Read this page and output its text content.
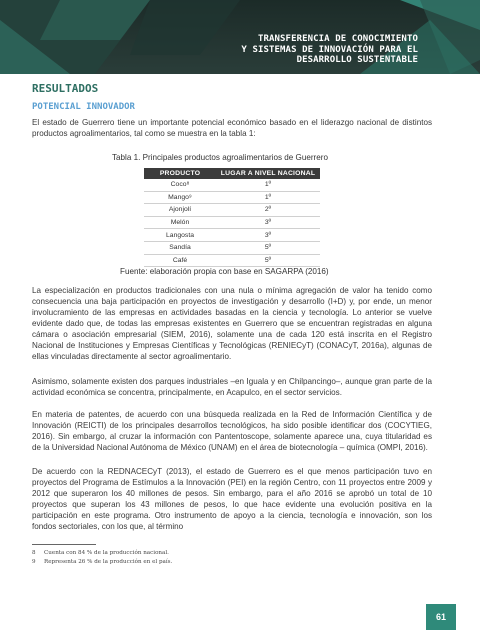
TRANSFERENCIA DE CONOCIMIENTO
Y SISTEMAS DE INNOVACIÓN PARA EL
DESARROLLO SUSTENTABLE
RESULTADOS
POTENCIAL INNOVADOR

El estado de Guerrero tiene un importante potencial económico basado en el liderazgo nacional de distintos productos agroalimentarios, tal como se muestra en la tabla 1:

Tabla 1. Principales productos agroalimentarios de Guerrero

PRODUCTO	LUGAR A NIVEL NACIONAL
Coco⁸	1º
Mango⁹	1º
Ajonjolí	2º
Melón	3º
Langosta	3º
Sandía	5º
Café	5º

Fuente: elaboración propia con base en SAGARPA (2016)

La especialización en productos tradicionales con una nula o mínima agregación de valor ha tenido como consecuencia una baja participación en proyectos de investigación y desarrollo (I+D) y, por ende, un menor involucramiento de las empresas en actividades basadas en la ciencia y tecnología. Lo anterior se vuelve evidente dado que, de todas las empresas existentes en Guerrero que se encuentran registradas en alguna cámara o asociación empresarial (SIEM, 2016), solamente una de cada 120 está inscrita en el Registro Nacional de Instituciones y Empresas Científicas y Tecnológicas (RENIECyT) (CONACyT, 2016a), algunas de ellas vinculadas directamente al sector agroalimentario.

Asimismo, solamente existen dos parques industriales –en Iguala y en Chilpancingo–, aunque gran parte de la actividad económica se concentra, principalmente, en Acapulco, en el sector servicios.

En materia de patentes, de acuerdo con una búsqueda realizada en la Red de Información Científica y de Innovación (REICTI) de los principales desarrollos tecnológicos, ha sido posible identificar dos (COCYTIEG, 2016). Sin embargo, al cruzar la información con Pantentoscope, solamente aparece una, cuya titularidad es de la Universidad Nacional Autónoma de México (UNAM) en el área de biotecnología – química (OMPI, 2016).

De acuerdo con la REDNACECyT (2013), el estado de Guerrero es el que menos participación tuvo en proyectos del Programa de Estímulos a la Innovación (PEI) en la región Centro, con 11 proyectos entre 2009 y 2012 que superaron los 40 millones de pesos. Sin embargo, para el año 2016 se aprobó un total de 10 proyectos que superan los 43 millones de pesos, lo que hace evidente una evolución positiva en la participación en este programa. Otro instrumento de apoyo a la ciencia, tecnología e innovación, son los fondos sectoriales, con los que, al término

8 Cuenta con 84 % de la producción nacional.
9 Representa 26 % de la producción en el país.
61
